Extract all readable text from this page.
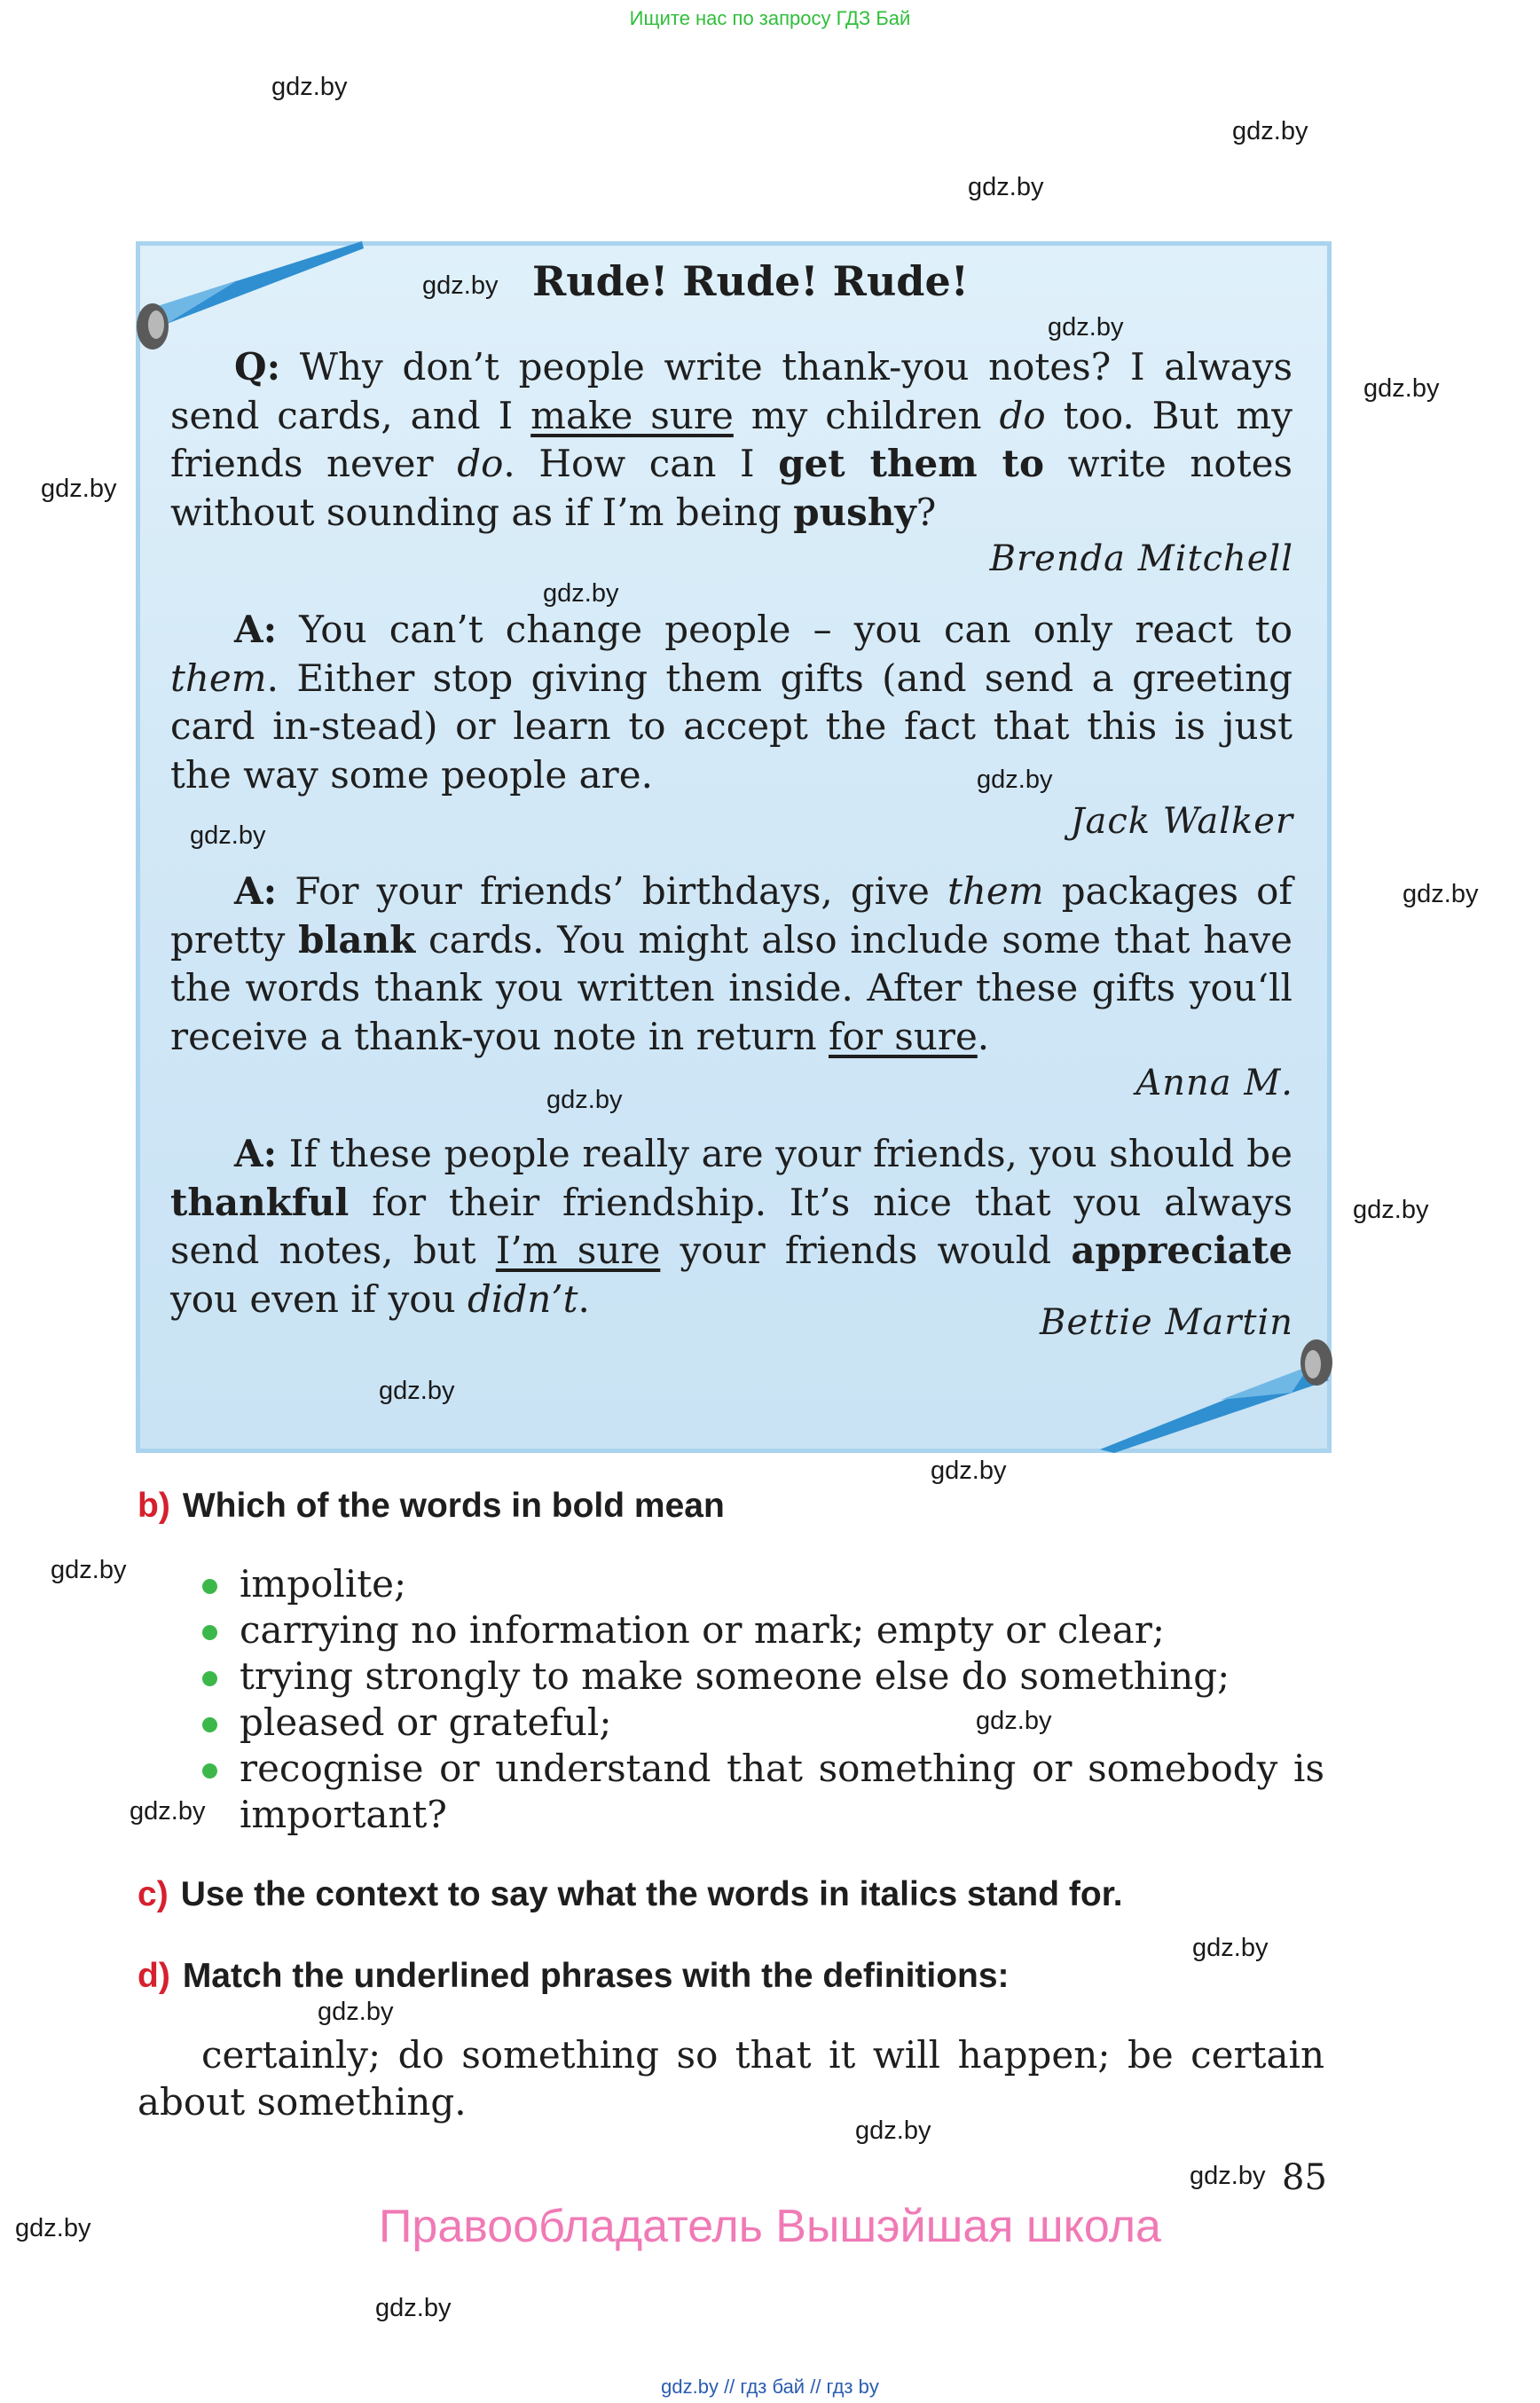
Ищите нас по запросу ГДЗ Бай
gdz.by
gdz.by
gdz.by
gdz.by
gdz.by
gdz.by
gdz.by
gdz.by
gdz.by
gdz.by
gdz.by
gdz.by
gdz.by
gdz.by
gdz.by
gdz.by
gdz.by
gdz.by
gdz.by
gdz.by
gdz.by
gdz.by
gdz.by
gdz.by
Rude! Rude! Rude!

Q: Why don’t people write thank-you notes? I always send cards, and I make sure my children do too. But my friends never do. How can I get them to write notes without sounding as if I’m being pushy?

Brenda Mitchell

A: You can’t change people – you can only react to them. Either stop giving them gifts (and send a greeting card in-stead) or learn to accept the fact that this is just the way some people are.

Jack Walker

A: For your friends’ birthdays, give them packages of pretty blank cards. You might also include some that have the words thank you written inside. After these gifts you‘ll receive a thank-you note in return for sure.

Anna M.

A: If these people really are your friends, you should be thankful for their friendship. It’s nice that you always send notes, but I’m sure your friends would appreciate you even if you didn’t.

Bettie Martin
b) Which of the words in bold mean
impolite;
carrying no information or mark; empty or clear;
trying strongly to make someone else do something;
pleased or grateful;
recognise or understand that something or somebody is important?
c) Use the context to say what the words in italics stand for.
d) Match the underlined phrases with the definitions:

certainly; do something so that it will happen; be certain about something.

85
Правообладатель Вышэйшая школа
gdz.by // гдз бай // гдз by
